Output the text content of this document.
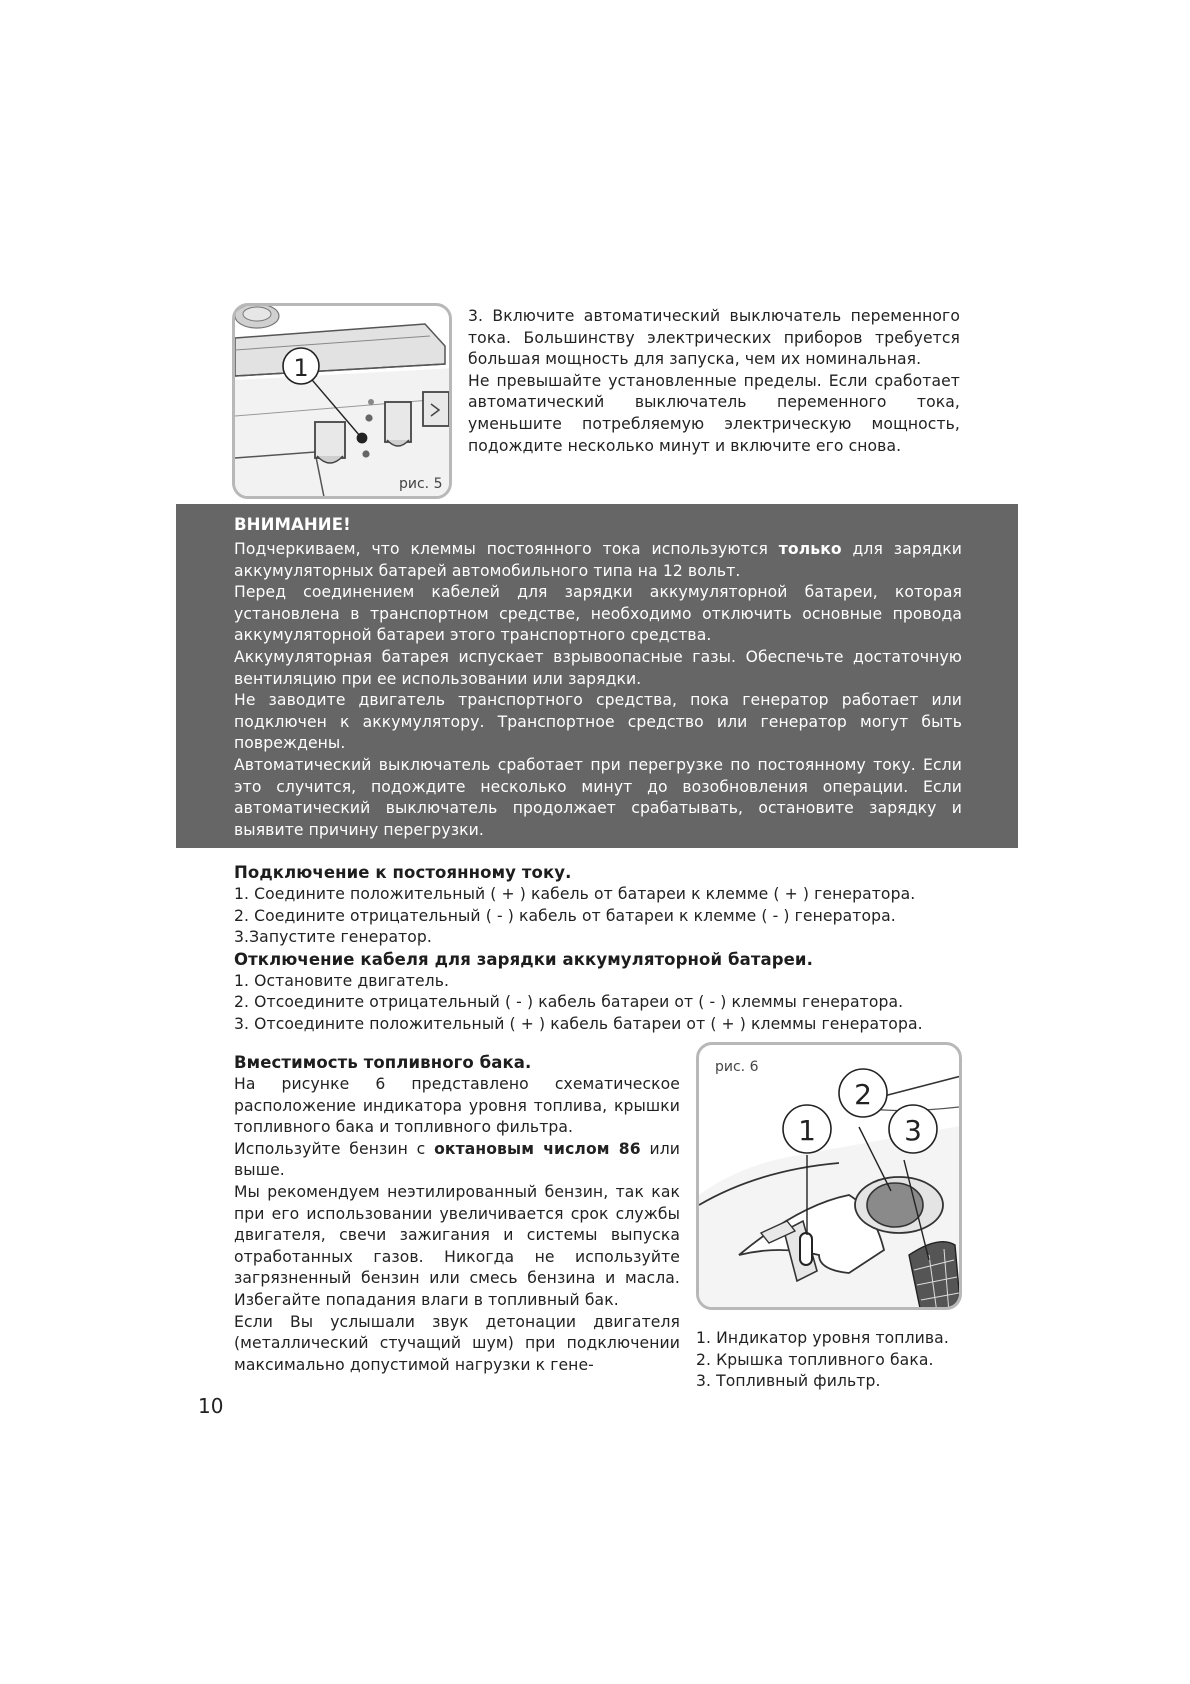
1
рис. 5

3. Включите автоматический выключатель переменного тока. Большинству электрических приборов требуется большая мощность для запуска, чем их номинальная.

Не превышайте установленные пределы. Если сработает автоматический выключатель переменного тока, уменьшите потребляемую электрическую мощность, подождите несколько минут и включите его снова.

ВНИМАНИЕ!

Подчеркиваем, что клеммы постоянного тока используются только для зарядки аккумуляторных батарей автомобильного типа на 12 вольт.

Перед соединением кабелей для зарядки аккумуляторной батареи, которая установлена в транспортном средстве, необходимо отключить основные провода аккумуляторной батареи этого транспортного средства.

Аккумуляторная батарея испускает взрывоопасные газы. Обеспечьте достаточную вентиляцию при ее использовании или зарядки.

Не заводите двигатель транспортного средства, пока генератор работает или подключен к аккумулятору. Транспортное средство или генератор могут быть повреждены.

Автоматический выключатель сработает при перегрузке по постоянному току. Если это случится, подождите несколько минут до возобновления операции. Если автоматический выключатель продолжает срабатывать, остановите зарядку и выявите причину перегрузки.

Подключение к постоянному току.

1. Соедините положительный ( + ) кабель от батареи к клемме ( + ) генератора.

2. Соедините отрицательный ( - ) кабель от батареи к клемме ( - ) генератора.

3.Запустите генератор.

Отключение кабеля для зарядки аккумуляторной батареи.

1. Остановите двигатель.

2. Отсоедините отрицательный ( - ) кабель батареи от ( - ) клеммы генератора.

3. Отсоедините положительный ( + ) кабель батареи от ( + ) клеммы генератора.

Вместимость топливного бака.

На рисунке 6 представлено схематическое расположение индикатора уровня топлива, крышки топливного бака и топливного фильтра.

Используйте бензин с октановым числом 86 или выше.

Мы рекомендуем неэтилированный бензин, так как при его использовании увеличивается срок службы двигателя, свечи зажигания и системы выпуска отработанных газов. Никогда не используйте загрязненный бензин или смесь бензина и масла. Избегайте попадания влаги в топливный бак.

Если Вы услышали звук детонации двигателя (металлический стучащий шум) при подключении максимально допустимой нагрузки к гене-

1
2
3
рис. 6

1. Индикатор уровня топлива.

2. Крышка топливного бака.

3. Топливный фильтр.

10
